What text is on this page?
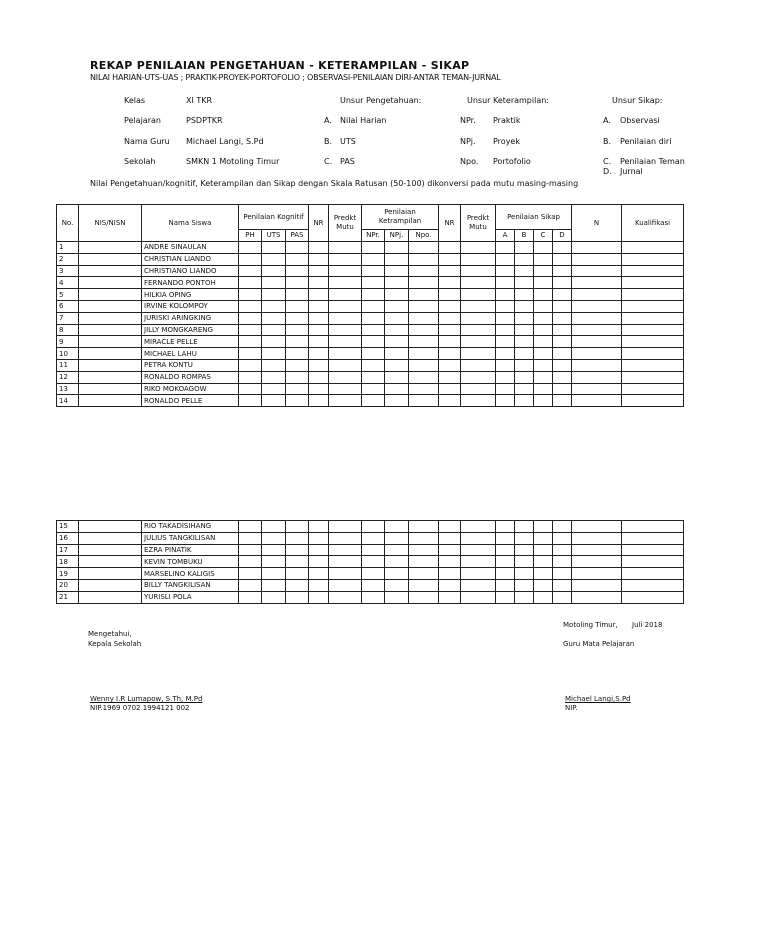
REKAP PENILAIAN PENGETAHUAN - KETERAMPILAN - SIKAP
NILAI HARIAN-UTS-UAS ; PRAKTIK-PROYEK-PORTOFOLIO ; OBSERVASI-PENILAIAN DIRI-ANTAR TEMAN-JURNAL
Kelas	XI TKR
Pelajaran	PSDPTKR
Nama Guru Michael Langi, S.Pd
Sekolah	SMKN 1 Motoling Timur
Unsur Pengetahuan:
A. Nilai Harian
B. UTS
C. PAS
Unsur Keterampilan:
NPr. Praktik
NPj. Proyek
Npo. Portofolio
Unsur Sikap:
A. Observasi
B. Penilaian diri
C. Penilaian Teman
D. Jurnal
Nilai Pengetahuan/kognitif, Keterampilan dan Sikap dengan Skala Ratusan (50-100) dikonversi pada mutu masing-masing
No.	NIS/NISN	Nama Siswa	Penilaian Kognitif			NR	Predkt Mutu	Penilaian Ketrampilan			NR	Predkt Mutu	Penilaian Sikap				N	Kualifikasi
			PH	UTS	PAS			NPr.	NPj.	Npo.			A	B	C	D		
1		ANDRE SINAULAN																
2		CHRISTIAN LIANDO																
3		CHRISTIANO LIANDO																
4		FERNANDO PONTOH																
5		HILKIA OPING																
6		IRVINE KOLOMPOY																
7		JURISKI ARINGKING																
8		JILLY MONGKARENG																
9		MIRACLE PELLE																
10		MICHAEL LAHU																
11		PETRA KONTU																
12		RONALDO ROMPAS																
13		RIKO MOKOAGOW																
14		RONALDO PELLE																
15		RIO TAKADISIHANG																
16		JULIUS TANGKILISAN																
17		EZRA PINATIK																
18		KEVIN TOMBUKU																
19		MARSELINO KALIGIS																
20		BILLY TANGKILISAN																
21		YURISLI POLA																
Motoling Timur, Juli 2018
Mengetahui,
Kepala Sekolah	Guru Mata Pelajaran
Wenny I.R Lumapow, S.Th, M.Pd
NIP.1969 0702 1994121 002
Michael Langi,S.Pd
NIP.
